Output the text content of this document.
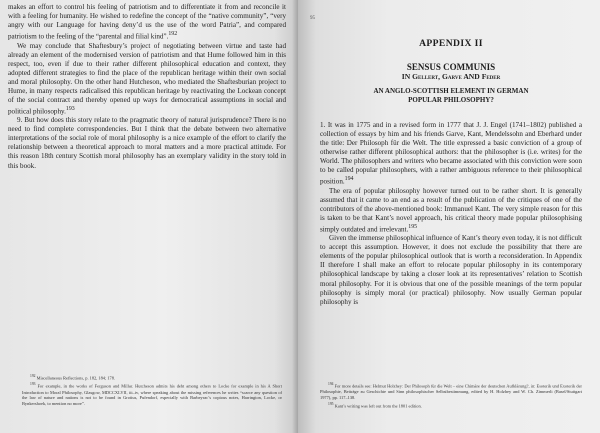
makes an effort to control his feeling of patriotism and to differentiate it from and reconcile it with a feeling for humanity. He wished to redefine the concept of the “native community”, “very angry with our Language for having deny’d us the use of the word Patria”, and compared patriotism to the feeling of the “parental and filial kind”.$^{192}$

We may conclude that Shaftesbury’s project of negotiating between virtue and taste had already an element of the modernised version of patriotism and that Hume followed him in this respect, too, even if due to their rather different philosophical education and context, they adopted different strategies to find the place of the republican heritage within their own social and moral philosophy. On the other hand Hutcheson, who mediated the Shaftesburian project to Hume, in many respects radicalised this republican heritage by reactivating the Lockean concept of the social contract and thereby opened up ways for democratical assumptions in social and political philosophy.$^{193}$

9. But how does this story relate to the pragmatic theory of natural jurisprudence? There is no need to find complete correspondencies. But I think that the debate between two alternative interpretations of the social role of moral philosophy is a nice example of the effort to clarify the relationship between a theoretical approach to moral matters and a more practical attitude. For this reason 18th century Scottish moral philosophy has an exemplary validity in the story told in this book.

$^{192}$ Miscellaneous Reflections, p. 182, 184; 178.

$^{193}$ For example, in the works of Ferguson and Millar. Hutcheson admits his debt among others to Locke for example in his A Short Introduction to Moral Philosophy, Glasgow, MDCCXLVII, iii–iv, where speaking about the missing references he writes “scarce any question of the law of nature and nations is not to be found in Grotius, Pufendorf, especially with Barbeyrac’s copious notes, Harrington, Locke, or Bynkershoek, to mention no more”.

95

APPENDIX II

SENSUS COMMUNIS

IN Gellert, Garve AND Feder

AN ANGLO-SCOTTISH ELEMENT IN GERMAN

POPULAR PHILOSOPHY?

1. It was in 1775 and in a revised form in 1777 that J. J. Engel (1741–1802) published a collection of essays by him and his friends Garve, Kant, Mendelssohn and Eberhard under the title: Der Philosoph für die Welt. The title expressed a basic conviction of a group of otherwise rather different philosophical authors: that the philosopher is (i.e. writes) for the World. The philosophers and writers who became associated with this conviction were soon to be called popular philosophers, with a rather ambiguous reference to their philosophical position.$^{194}$

The era of popular philosophy however turned out to be rather short. It is generally assumed that it came to an end as a result of the publication of the critiques of one of the contributors of the above-mentioned book: Immanuel Kant. The very simple reason for this is taken to be that Kant’s novel approach, his critical theory made popular philosophising simply outdated and irrelevant.$^{195}$

Given the immense philosophical influence of Kant’s theory even today, it is not difficult to accept this assumption. However, it does not exclude the possibility that there are elements of the popular philosophical outlook that is worth a reconsideration. In Appendix II therefore I shall make an effort to relocate popular philosophy in its contemporary philosophical landscape by taking a closer look at its representatives’ relation to Scottish moral philosophy. For it is obvious that one of the possible meanings of the term popular philosophy is simply moral (or practical) philosophy. Now usually German popular philosophy is

$^{194}$ For more details see: Helmut Holzhey: Der Philosoph für die Welt – eine Chimäre der deutschen Aufklärung?, in: Esoterik und Exoterik der Philosophie, Beiträge zu Geschichte und Sinn philosophischer Selbstbestimmung, edited by H. Holzhey and W. Ch. Zimmerli (Basel/Stuttgart 1977), pp. 117–138.

$^{195}$ Kant’s writing was left out from the 1801 edition.
